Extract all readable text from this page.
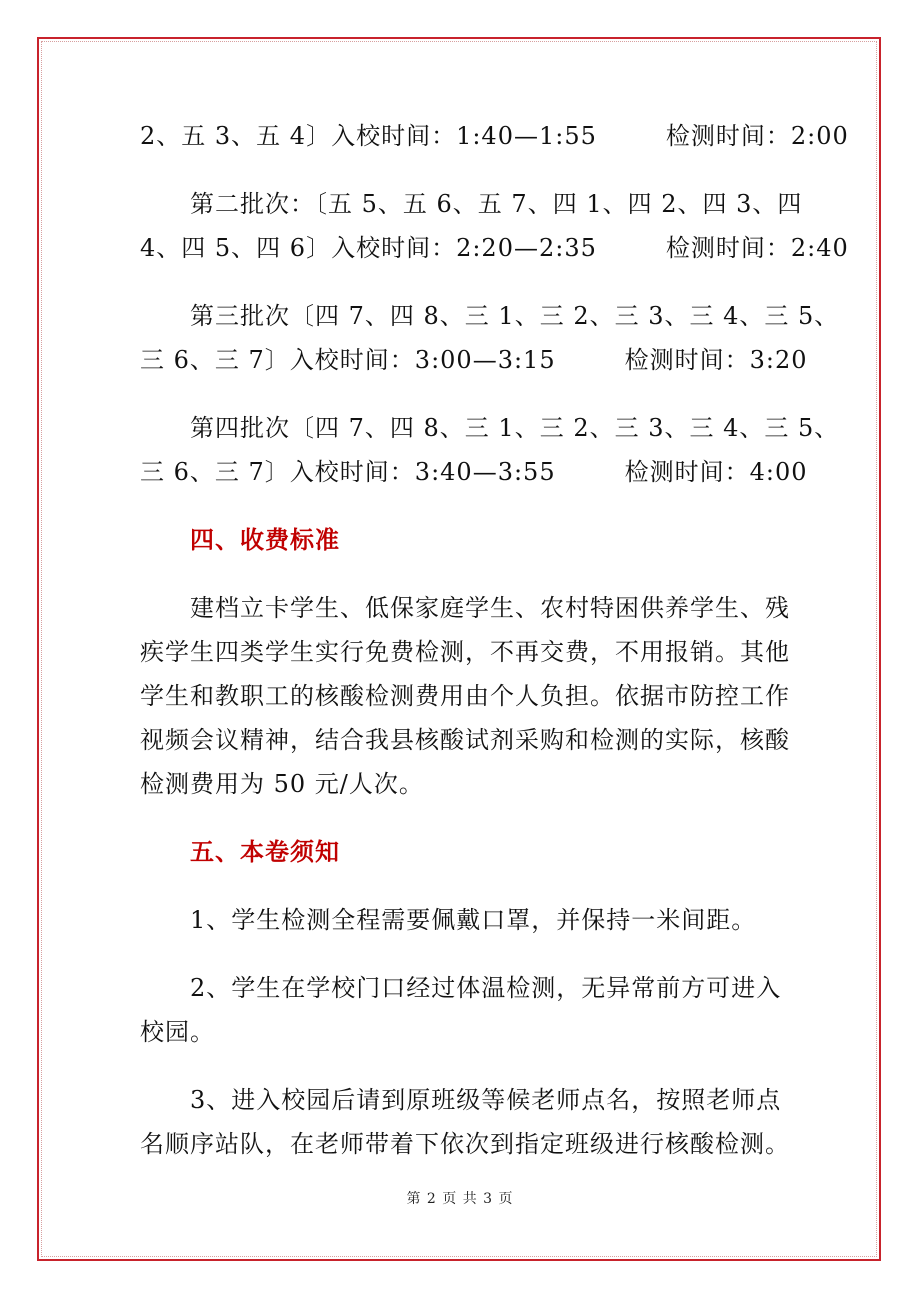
2、五 3、五 4〕入校时间：1:40—1:55        检测时间：2:00
第二批次：〔五 5、五 6、五 7、四 1、四 2、四 3、四
4、四 5、四 6〕入校时间：2:20—2:35        检测时间：2:40
第三批次〔四 7、四 8、三 1、三 2、三 3、三 4、三 5、
三 6、三 7〕入校时间：3:00—3:15        检测时间：3:20
第四批次〔四 7、四 8、三 1、三 2、三 3、三 4、三 5、
三 6、三 7〕入校时间：3:40—3:55        检测时间：4:00
四、收费标准
建档立卡学生、低保家庭学生、农村特困供养学生、残
疾学生四类学生实行免费检测，不再交费，不用报销。其他
学生和教职工的核酸检测费用由个人负担。依据市防控工作
视频会议精神，结合我县核酸试剂采购和检测的实际，核酸
检测费用为 50 元/人次。
五、本卷须知
1、学生检测全程需要佩戴口罩，并保持一米间距。
2、学生在学校门口经过体温检测，无异常前方可进入
校园。
3、进入校园后请到原班级等候老师点名，按照老师点
名顺序站队，在老师带着下依次到指定班级进行核酸检测。
第 2 页 共 3 页
